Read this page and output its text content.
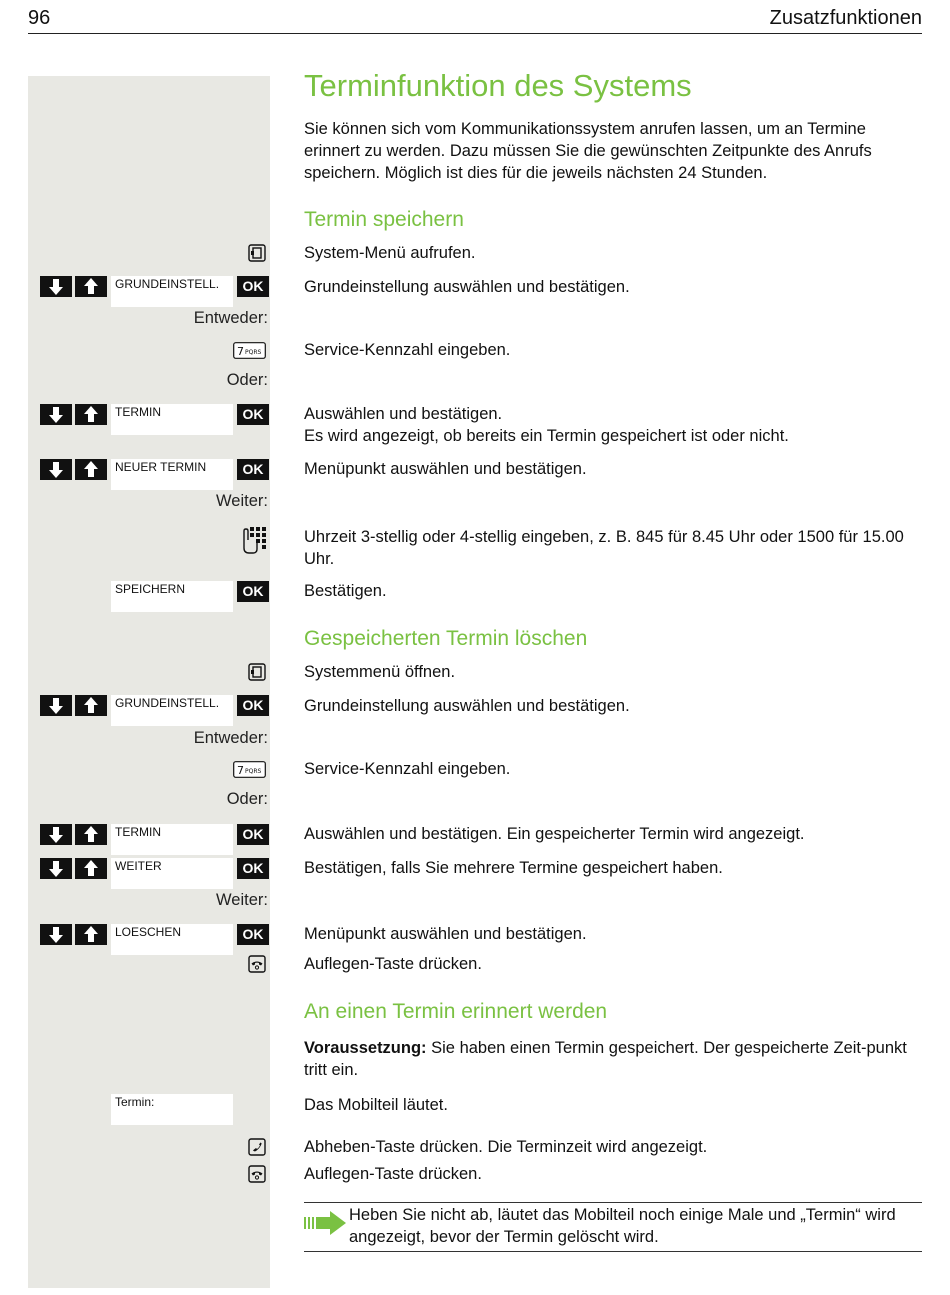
96	Zusatzfunktionen
Terminfunktion des Systems
Sie können sich vom Kommunikationssystem anrufen lassen, um an Termine erinnert zu werden. Dazu müssen Sie die gewünschten Zeitpunkte des Anrufs speichern. Möglich ist dies für die jeweils nächsten 24 Stunden.
Termin speichern
System-Menü aufrufen.
GRUNDEINSTELL.	OK	Grundeinstellung auswählen und bestätigen.
Entweder:
7 PQRS	Service-Kennzahl eingeben.
Oder:
TERMIN	OK	Auswählen und bestätigen.
Es wird angezeigt, ob bereits ein Termin gespeichert ist oder nicht.
NEUER TERMIN	OK	Menüpunkt auswählen und bestätigen.
Weiter:
Uhrzeit 3-stellig oder 4-stellig eingeben, z. B. 845 für 8.45 Uhr oder 1500 für 15.00 Uhr.
SPEICHERN	OK	Bestätigen.
Gespeicherten Termin löschen
Systemmenü öffnen.
GRUNDEINSTELL.	OK	Grundeinstellung auswählen und bestätigen.
Entweder:
7 PQRS	Service-Kennzahl eingeben.
Oder:
TERMIN	OK	Auswählen und bestätigen. Ein gespeicherter Termin wird angezeigt.
WEITER	OK	Bestätigen, falls Sie mehrere Termine gespeichert haben.
Weiter:
LOESCHEN	OK	Menüpunkt auswählen und bestätigen.
Auflegen-Taste drücken.
An einen Termin erinnert werden
Voraussetzung: Sie haben einen Termin gespeichert. Der gespeicherte Zeit-punkt tritt ein.
Termin:	Das Mobilteil läutet.
Abheben-Taste drücken. Die Terminzeit wird angezeigt.
Auflegen-Taste drücken.
Heben Sie nicht ab, läutet das Mobilteil noch einige Male und „Termin“ wird angezeigt, bevor der Termin gelöscht wird.
